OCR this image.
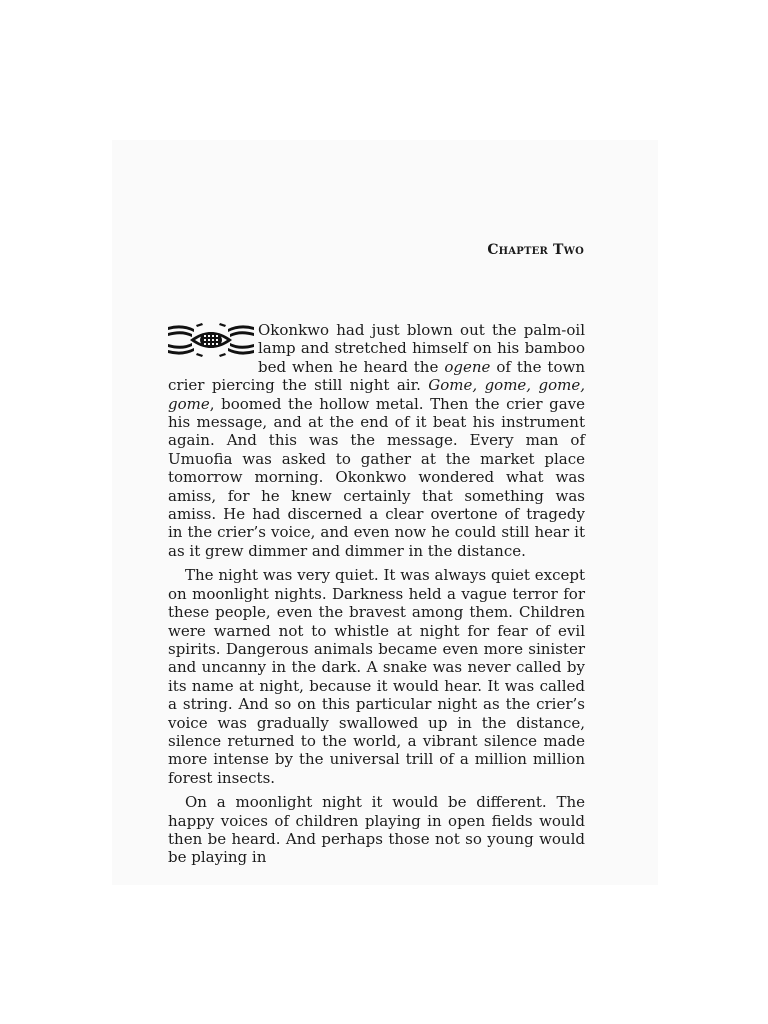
Chapter Two

Okonkwo had just blown out the palm-oil lamp and stretched himself on his bamboo bed when he heard the ogene of the town crier piercing the still night air. Gome, gome, gome, gome, boomed the hollow metal. Then the crier gave his message, and at the end of it beat his instrument again. And this was the message. Every man of Umuofia was asked to gather at the market place tomorrow morning. Okonkwo wondered what was amiss, for he knew certainly that something was amiss. He had discerned a clear overtone of tragedy in the crier’s voice, and even now he could still hear it as it grew dimmer and dimmer in the distance.

The night was very quiet. It was always quiet except on moonlight nights. Darkness held a vague terror for these people, even the bravest among them. Children were warned not to whistle at night for fear of evil spirits. Dangerous animals became even more sinister and uncanny in the dark. A snake was never called by its name at night, because it would hear. It was called a string. And so on this particular night as the crier’s voice was gradually swallowed up in the distance, silence returned to the world, a vibrant silence made more intense by the universal trill of a million million forest insects.

On a moonlight night it would be different. The happy voices of children playing in open fields would then be heard. And perhaps those not so young would be playing in
